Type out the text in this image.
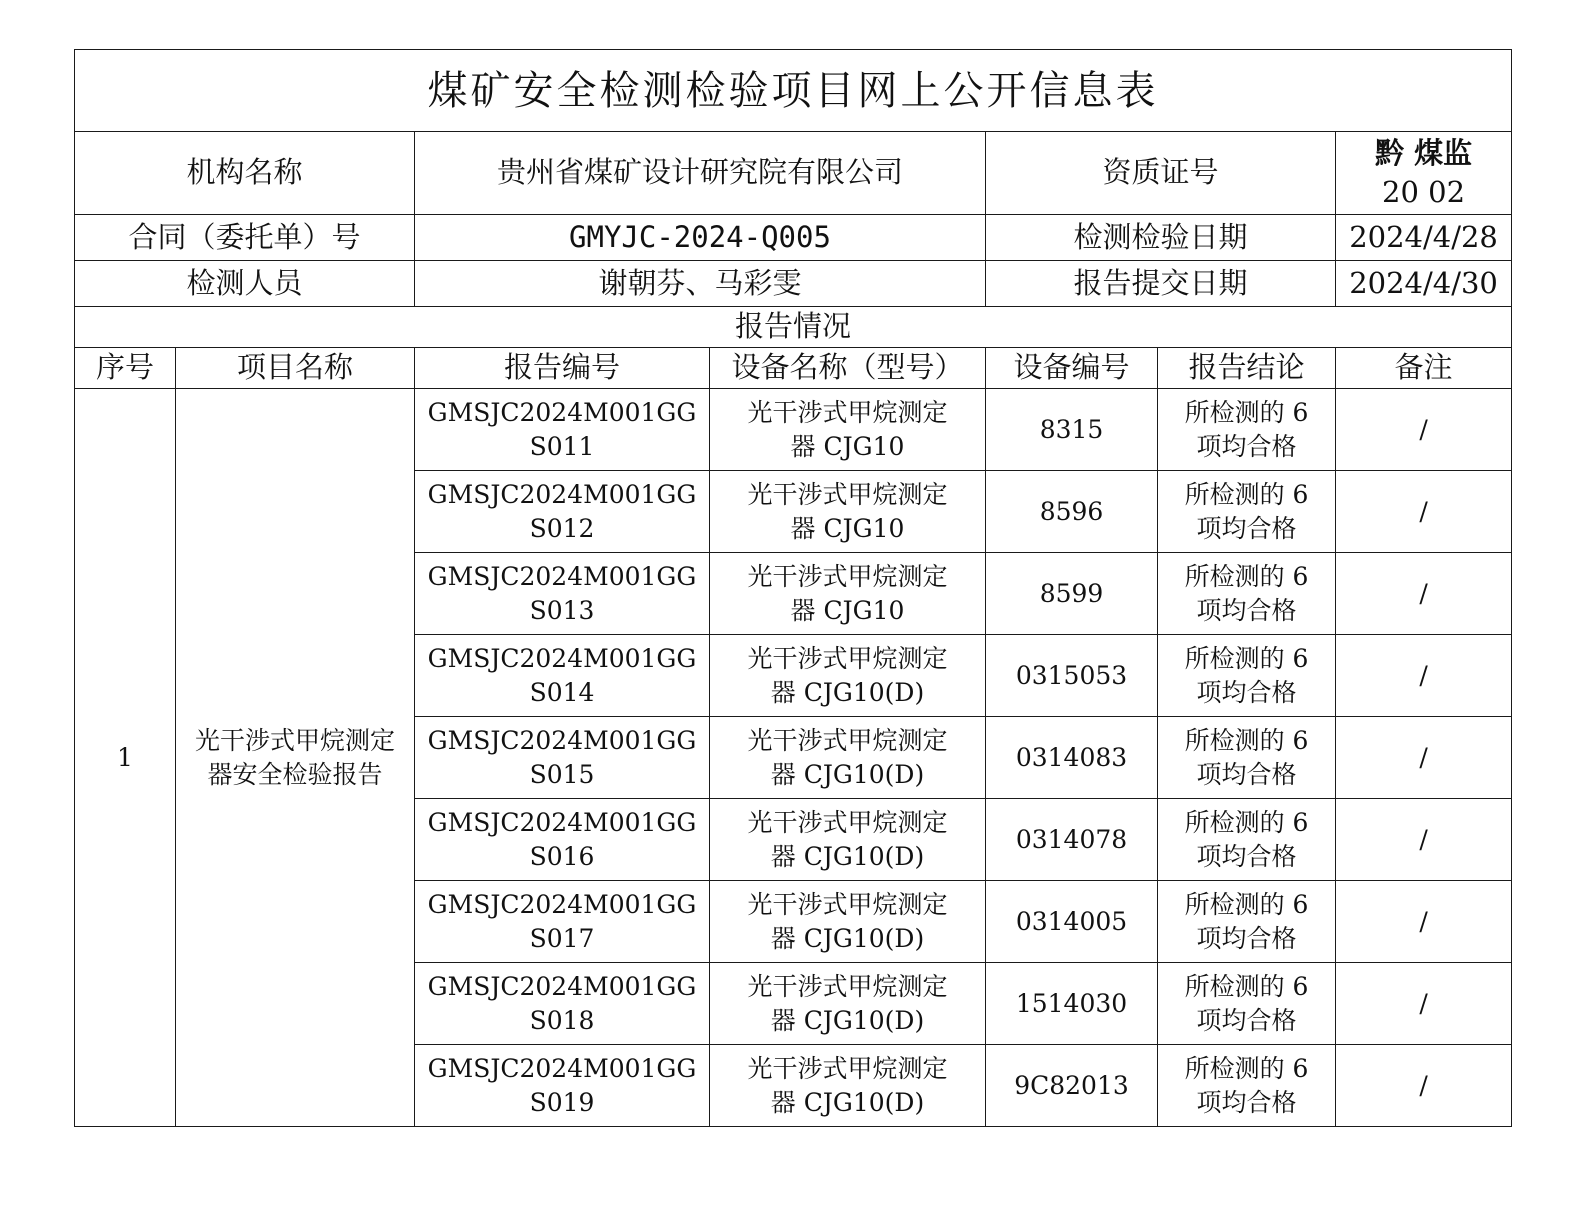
煤矿安全检测检验项目网上公开信息表						
机构名称		贵州省煤矿设计研究院有限公司		资质证号		黔 煤监
20 02

合同（委托单）号		GMYJC-2024-Q005		检测检验日期		2024/4/28
检测人员		谢朝芬、马彩雯		报告提交日期		2024/4/30
报告情况						
序号	项目名称	报告编号	设备名称（型号）	设备编号	报告结论	备注
1	光干涉式甲烷测定器安全检验报告	GMSJC2024M001GG
S011	光干涉式甲烷测定
器 CJG10	8315	所检测的 6
项均合格	/

		GMSJC2024M001GG
S012	光干涉式甲烷测定
器 CJG10	8596	所检测的 6
项均合格	/

		GMSJC2024M001GG
S013	光干涉式甲烷测定
器 CJG10	8599	所检测的 6
项均合格	/

		GMSJC2024M001GG
S014	光干涉式甲烷测定
器 CJG10(D)	0315053	所检测的 6
项均合格	/

		GMSJC2024M001GG
S015	光干涉式甲烷测定
器 CJG10(D)	0314083	所检测的 6
项均合格	/

		GMSJC2024M001GG
S016	光干涉式甲烷测定
器 CJG10(D)	0314078	所检测的 6
项均合格	/

		GMSJC2024M001GG
S017	光干涉式甲烷测定
器 CJG10(D)	0314005	所检测的 6
项均合格	/

		GMSJC2024M001GG
S018	光干涉式甲烷测定
器 CJG10(D)	1514030	所检测的 6
项均合格	/

		GMSJC2024M001GG
S019	光干涉式甲烷测定
器 CJG10(D)	9C82013	所检测的 6
项均合格	/
